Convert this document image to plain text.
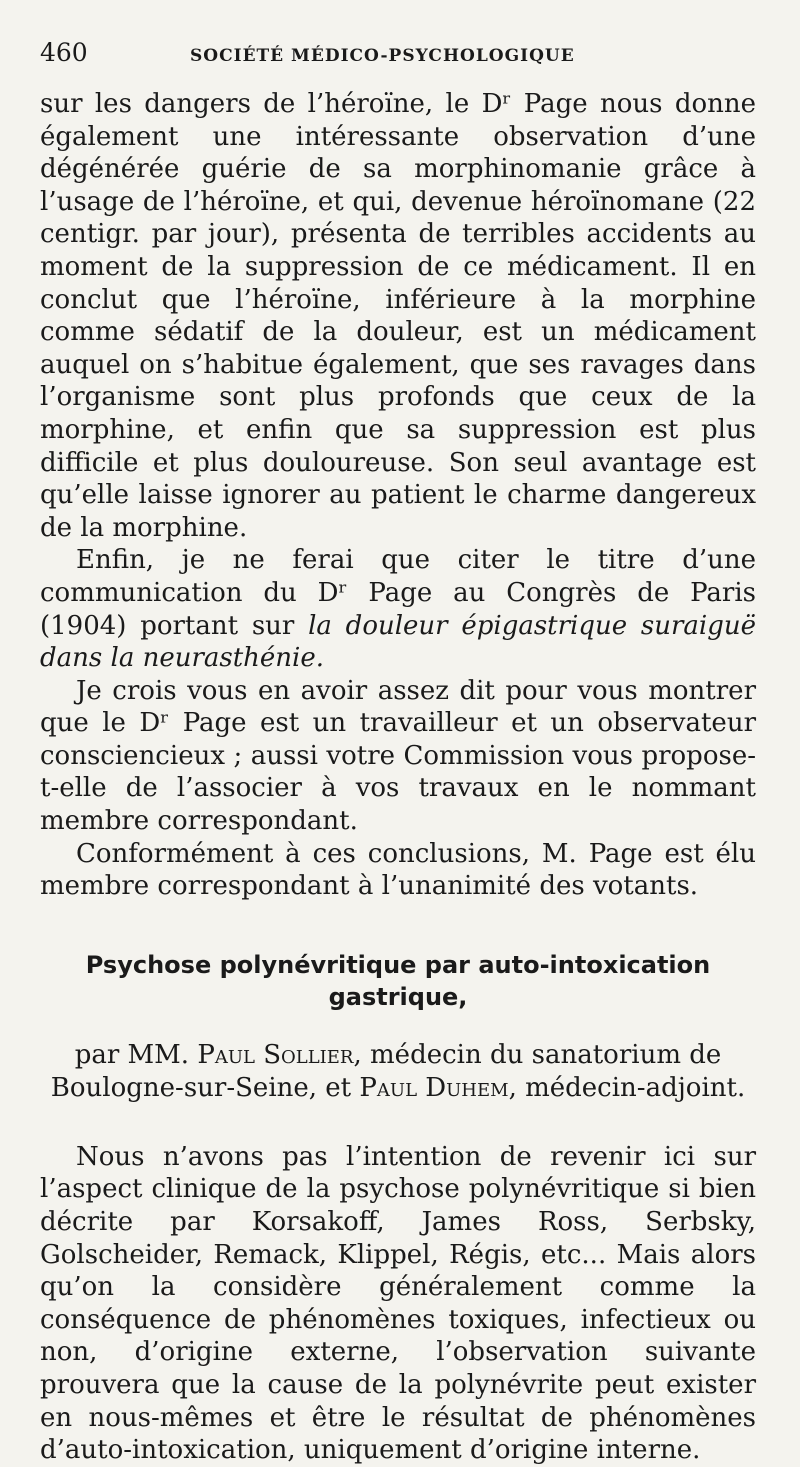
460	SOCIÉTÉ MÉDICO-PSYCHOLOGIQUE

sur les dangers de l’héroïne, le Dʳ Page nous donne également une intéressante observation d’une dégénérée guérie de sa morphinomanie grâce à l’usage de l’héroïne, et qui, devenue héroïnomane (22 centigr. par jour), présenta de terribles accidents au moment de la suppression de ce médicament. Il en conclut que l’héroïne, inférieure à la morphine comme sédatif de la douleur, est un médicament auquel on s’habitue également, que ses ravages dans l’organisme sont plus profonds que ceux de la morphine, et enfin que sa suppression est plus difficile et plus douloureuse. Son seul avantage est qu’elle laisse ignorer au patient le charme dangereux de la morphine.

Enfin, je ne ferai que citer le titre d’une communication du Dʳ Page au Congrès de Paris (1904) portant sur la douleur épigastrique suraiguë dans la neurasthénie.

Je crois vous en avoir assez dit pour vous montrer que le Dʳ Page est un travailleur et un observateur consciencieux ; aussi votre Commission vous propose-t-elle de l’associer à vos travaux en le nommant membre correspondant.

Conformément à ces conclusions, M. Page est élu membre correspondant à l’unanimité des votants.

Psychose polynévritique par auto-intoxication
gastrique,
par MM. Paul Sollier, médecin du sanatorium de Boulogne-sur-Seine, et Paul Duhem, médecin-adjoint.

Nous n’avons pas l’intention de revenir ici sur l’aspect clinique de la psychose polynévritique si bien décrite par Korsakoff, James Ross, Serbsky, Golscheider, Remack, Klippel, Régis, etc... Mais alors qu’on la considère généralement comme la conséquence de phénomènes toxiques, infectieux ou non, d’origine externe, l’observation suivante prouvera que la cause de la polynévrite peut exister en nous-mêmes et être le résultat de phénomènes d’auto-intoxication, uniquement d’origine interne.
